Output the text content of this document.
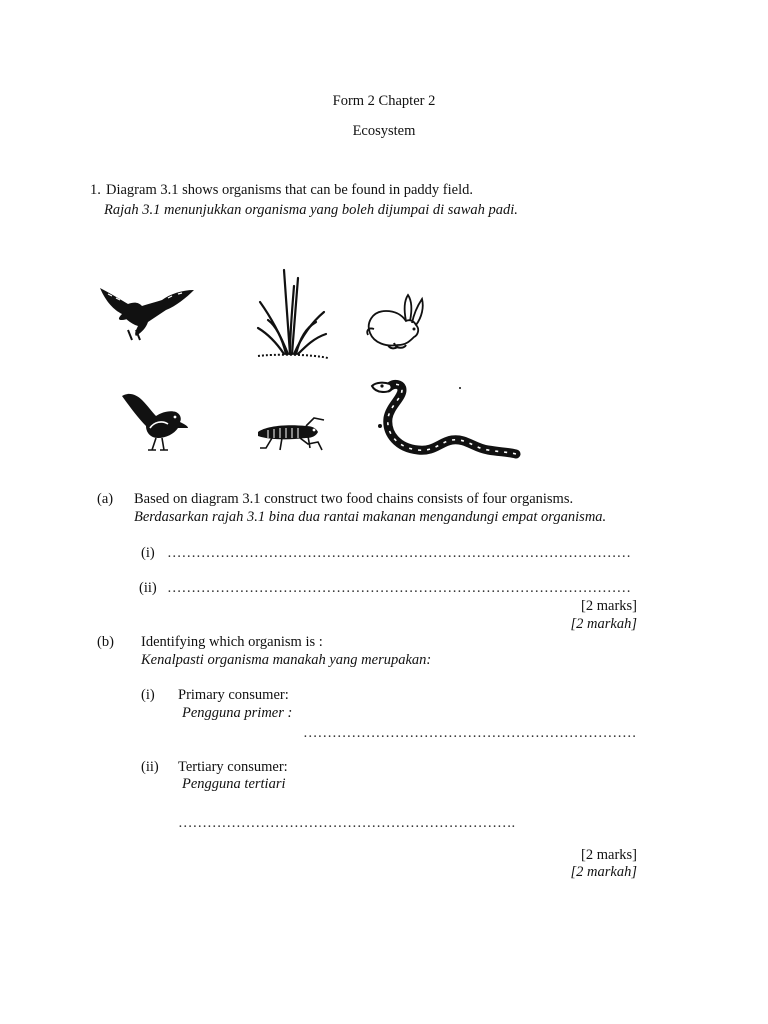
Form 2 Chapter 2
Ecosystem
1. Diagram 3.1 shows organisms that can be found in paddy field.
Rajah 3.1 menunjukkan organisma yang boleh dijumpai di sawah padi.
(a) Based on diagram 3.1 construct two food chains consists of four organisms.
Berdasarkan rajah 3.1 bina dua rantai makanan mengandungi empat organisma.
(i) ……………………………………………………………………………………
(ii) ……………………………………………………………………………………
[2 marks]
[2 markah]
(b) Identifying which organism is :
Kenalpasti organisma manakah yang merupakan:
(i) Primary consumer:
Pengguna primer :
……………………………………………………………
(ii) Tertiary consumer:
Pengguna tertiari
…………………………………………………………….
[2 marks]
[2 markah]
